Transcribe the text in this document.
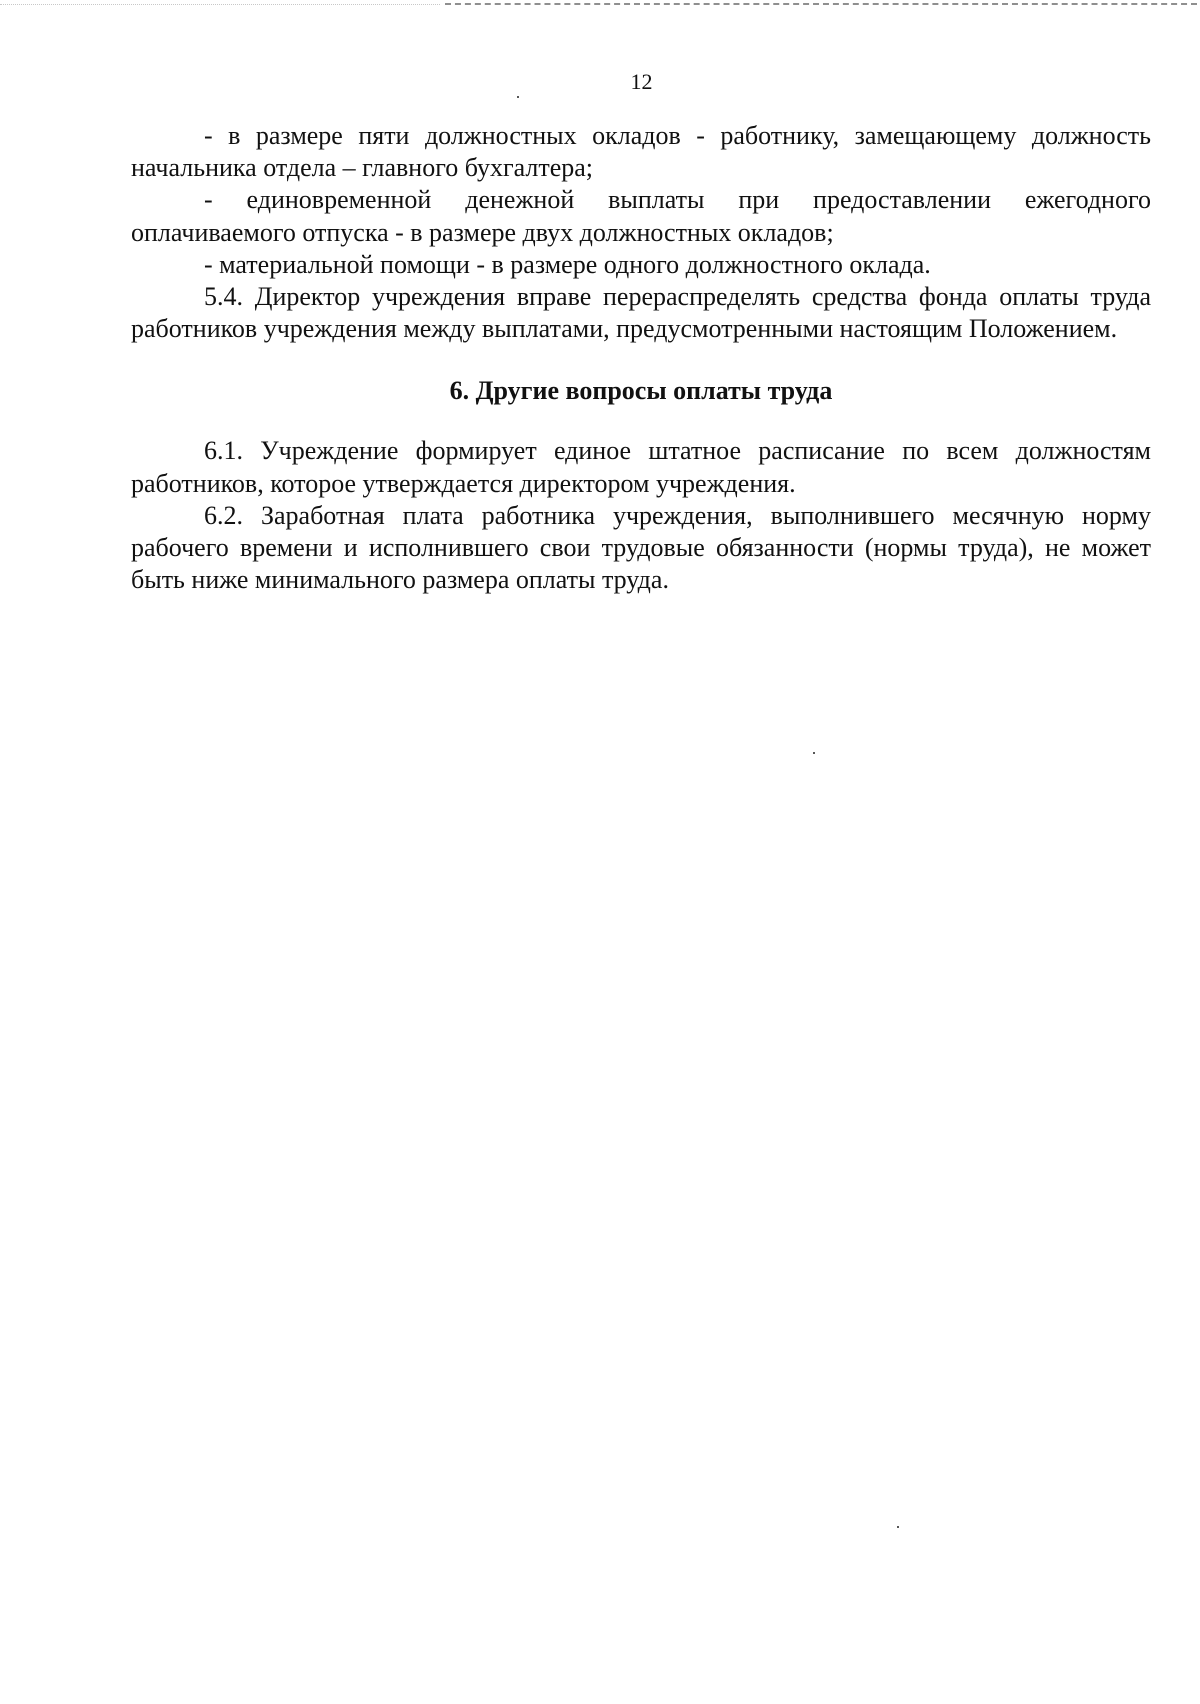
12

- в размере пяти должностных окладов - работнику, замещающему должность начальника отдела – главного бухгалтера;

- единовременной денежной выплаты при предоставлении ежегодного оплачиваемого отпуска - в размере двух должностных окладов;

- материальной помощи - в размере одного должностного оклада.

5.4. Директор учреждения вправе перераспределять средства фонда оплаты труда работников учреждения между выплатами, предусмотренными настоящим Положением.

6. Другие вопросы оплаты труда

6.1. Учреждение формирует единое штатное расписание по всем должностям работников, которое утверждается директором учреждения.

6.2. Заработная плата работника учреждения, выполнившего месячную норму рабочего времени и исполнившего свои трудовые обязанности (нормы труда), не может быть ниже минимального размера оплаты труда.
